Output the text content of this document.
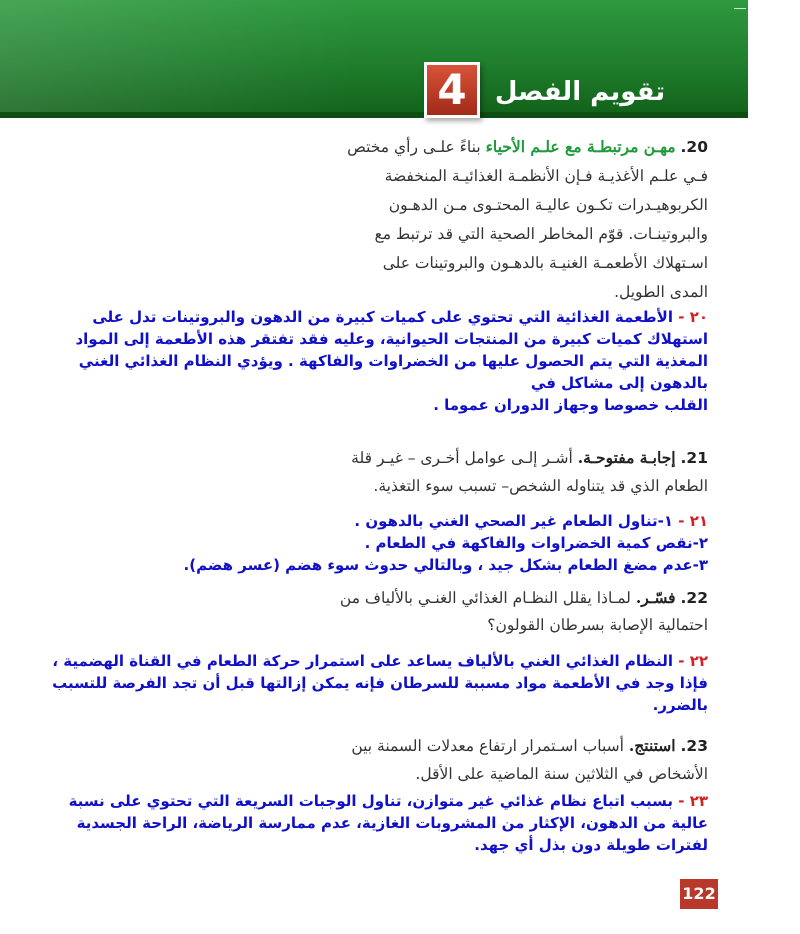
4	تقويم الفصل
20. مهـن مرتبطـة مع علـم الأحياء بناءً علـى رأي مختص
فـي علـم الأغذيـة فـإن الأنظمـة الغذائيـة المنخفضة
الكربوهيـدرات تكـون عاليـة المحتـوى مـن الدهـون
والبروتينـات. قوّم المخاطر الصحية التي قد ترتبط مع
اسـتهلاك الأطعمـة الغنيـة بالدهـون والبروتينات على
المدى الطويل.
٢٠ - الأطعمة الغذائية التي تحتوي على كميات كبيرة من الدهون والبروتينات تدل على
استهلاك كميات كبيرة من المنتجات الحيوانية، وعليه فقد تفتقر هذه الأطعمة إلى المواد
المغذية التي يتم الحصول عليها من الخضراوات والفاكهة . ويؤدي النظام الغذائي الغني
بالدهون إلى مشاكل في
القلب خصوصا وجهاز الدوران عموما .
21. إجابـة مفتوحـة. أشـر إلـى عوامل أخـرى – غيـر قلة
الطعام الذي قد يتناوله الشخص– تسبب سوء التغذية.
٢١ - ١-تناول الطعام غير الصحي الغني بالدهون .
٢-نقص كمية الخضراوات والفاكهة في الطعام .
٣-عدم مضغ الطعام بشكل جيد ، وبالتالي حدوث سوء هضم (عسر هضم).
22. فسّـر. لمـاذا يقلل النظـام الغذائي الغنـي بالألياف من
احتمالية الإصابة بسرطان القولون؟
٢٢ - النظام الغذائي الغني بالألياف يساعد على استمرار حركة الطعام في القناة الهضمية ،
فإذا وجد في الأطعمة مواد مسببة للسرطان فإنه يمكن إزالتها قبل أن تجد الفرصة للتسبب
بالضرر.
23. استنتج. أسباب اسـتمرار ارتفاع معدلات السمنة بين
الأشخاص في الثلاثين سنة الماضية على الأقل.
٢٣ - بسبب اتباع نظام غذائي غير متوازن، تناول الوجبات السريعة التي تحتوي على نسبة
عالية من الدهون، الإكثار من المشروبات الغازية، عدم ممارسة الرياضة، الراحة الجسدية
لفترات طويلة دون بذل أي جهد.
122
